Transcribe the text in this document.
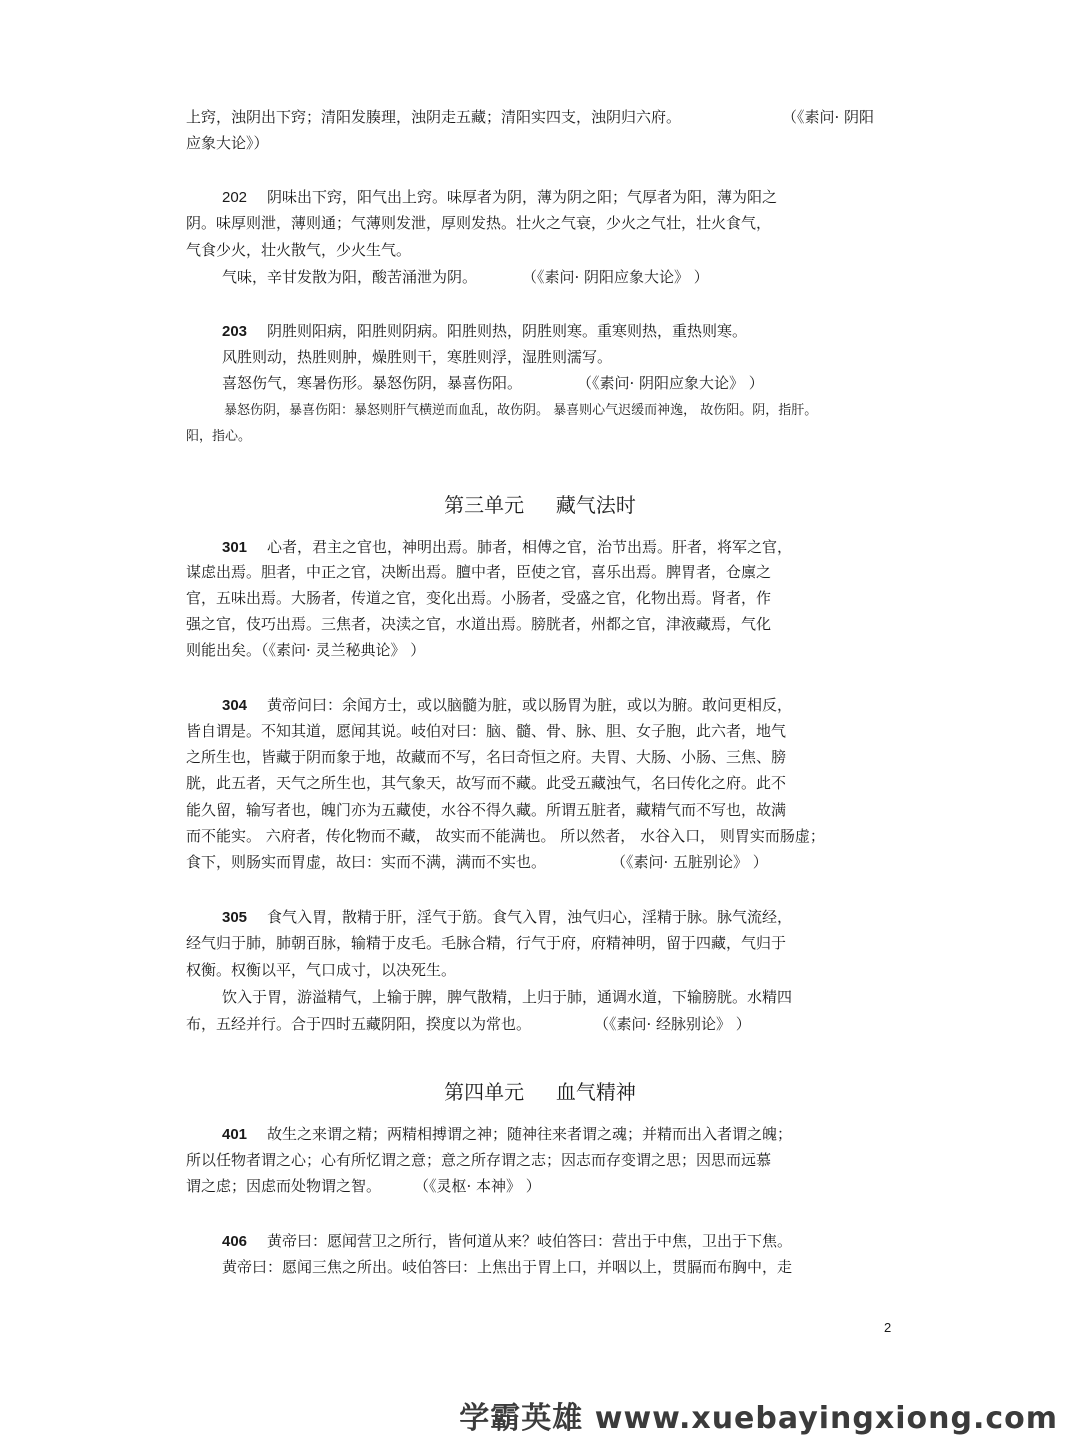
上窍，浊阴出下窍；清阳发腠理，浊阴走五藏；清阳实四支，浊阴归六府。	（《素问· 阴阳
应象大论》）
202 阴味出下窍，阳气出上窍。味厚者为阴，薄为阴之阳；气厚者为阳，薄为阳之
阴。味厚则泄，薄则通；气薄则发泄，厚则发热。壮火之气衰，少火之气壮，壮火食气，
气食少火，壮火散气，少火生气。
气味，辛甘发散为阳，酸苦涌泄为阴。	（《素问· 阴阳应象大论》 ）
203 阴胜则阳病，阳胜则阴病。阳胜则热，阴胜则寒。重寒则热，重热则寒。
风胜则动，热胜则肿，燥胜则干，寒胜则浮，湿胜则濡写。
喜怒伤气，寒暑伤形。暴怒伤阴，暴喜伤阳。	（《素问· 阴阳应象大论》 ）
暴怒伤阴，暴喜伤阳：暴怒则肝气横逆而血乱，故伤阴。 暴喜则心气迟缓而神逸， 故伤阳。阴，指肝。
阳，指心。
第三单元     藏气法时
301 心者，君主之官也，神明出焉。肺者，相傅之官，治节出焉。肝者，将军之官，
谋虑出焉。胆者，中正之官，决断出焉。膻中者，臣使之官，喜乐出焉。脾胃者，仓廪之
官，五味出焉。大肠者，传道之官，变化出焉。小肠者，受盛之官，化物出焉。肾者，作
强之官，伎巧出焉。三焦者，决渎之官，水道出焉。膀胱者，州都之官，津液藏焉，气化
则能出矣。（《素问· 灵兰秘典论》 ）
304 黄帝问曰：余闻方士，或以脑髓为脏，或以肠胃为脏，或以为腑。敢问更相反，
皆自谓是。不知其道，愿闻其说。岐伯对曰：脑、髓、骨、脉、胆、女子胞，此六者，地气
之所生也，皆藏于阴而象于地，故藏而不写，名曰奇恒之府。夫胃、大肠、小肠、三焦、膀
胱，此五者，天气之所生也，其气象天，故写而不藏。此受五藏浊气，名曰传化之府。此不
能久留，输写者也，魄门亦为五藏使，水谷不得久藏。所谓五脏者，藏精气而不写也，故满
而不能实。 六府者，传化物而不藏， 故实而不能满也。 所以然者， 水谷入口， 则胃实而肠虚；
食下，则肠实而胃虚，故曰：实而不满，满而不实也。	（《素问· 五脏别论》 ）
305 食气入胃，散精于肝，淫气于筋。食气入胃，浊气归心，淫精于脉。脉气流经，
经气归于肺，肺朝百脉，输精于皮毛。毛脉合精，行气于府，府精神明，留于四藏，气归于
权衡。权衡以平，气口成寸，以决死生。
饮入于胃，游溢精气，上输于脾，脾气散精，上归于肺，通调水道，下输膀胱。水精四
布，五经并行。合于四时五藏阴阳，揆度以为常也。	（《素问· 经脉别论》 ）
第四单元     血气精神
401 故生之来谓之精；两精相搏谓之神；随神往来者谓之魂；并精而出入者谓之魄；
所以任物者谓之心；心有所忆谓之意；意之所存谓之志；因志而存变谓之思；因思而远慕
谓之虑；因虑而处物谓之智。 （《灵枢· 本神》 ）
406 黄帝曰：愿闻营卫之所行，皆何道从来？岐伯答曰：营出于中焦，卫出于下焦。
黄帝曰：愿闻三焦之所出。岐伯答曰：上焦出于胃上口，并咽以上，贯膈而布胸中，走
2
学霸英雄 www.xuebayingxiong.com
